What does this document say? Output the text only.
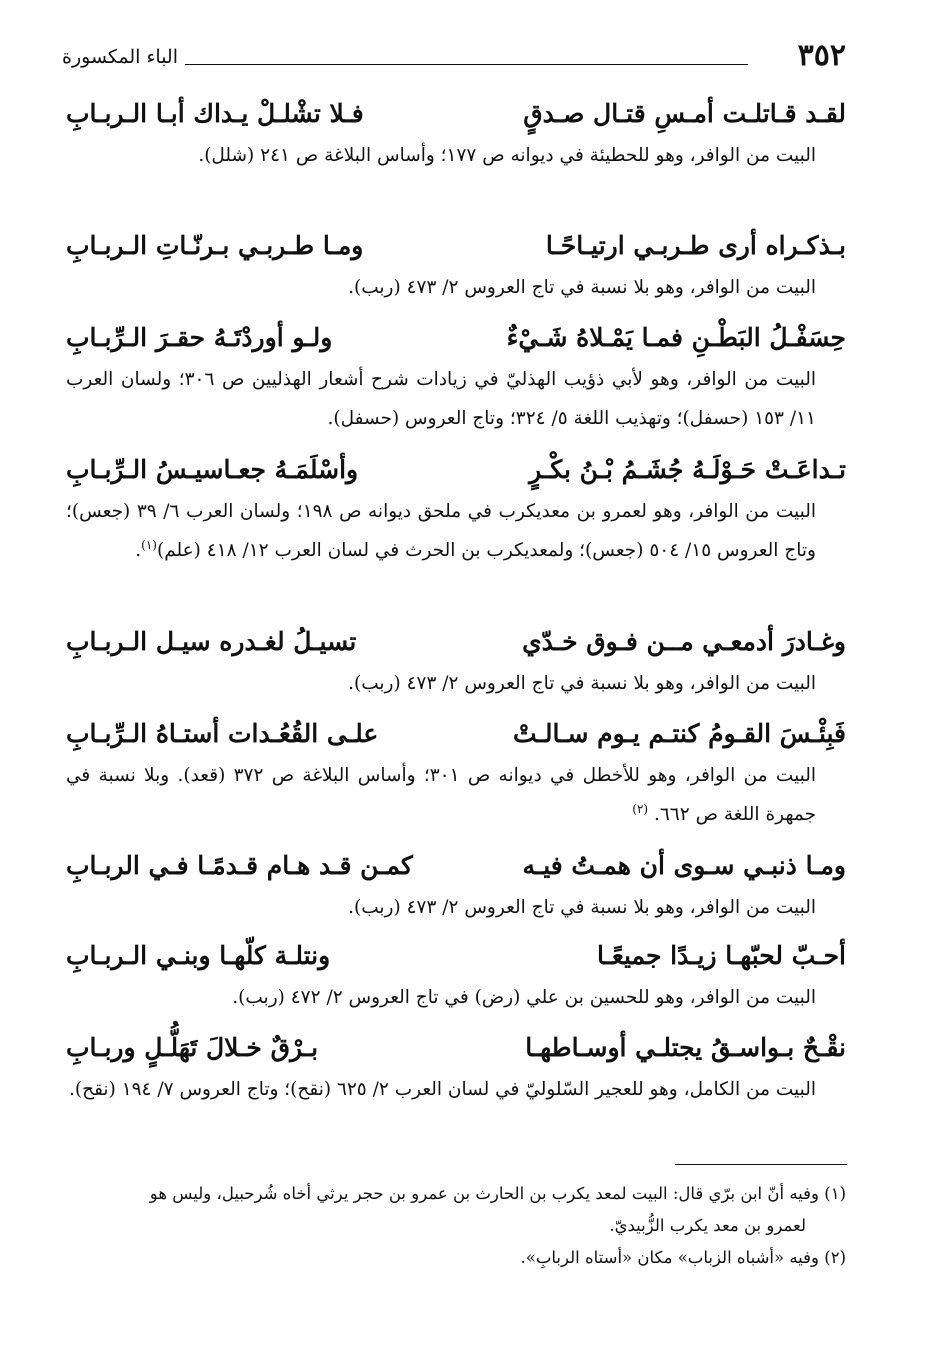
٣٥٢
الباء المكسورة
لقـد قـاتلـت أمـسِ قتـال صـدقٍ
فـلا تشْلـلْ يـداك أبـا الـربـابِ
البيت من الوافر، وهو للحطيئة في ديوانه ص ١٧٧؛ وأساس البلاغة ص ٢٤١ (شلل).
بـذكـراه أرى طـربـي ارتيـاحًـا
ومـا طـربـي بـرنّـاتِ الـربـابِ
البيت من الوافر، وهو بلا نسبة في تاج العروس ٢/ ٤٧٣ (ربب).
حِسَفْـلُ البَطْـنِ فمـا يَمْـلاهُ شَـيْءٌ
ولـو أوردْتَـهُ حقـرَ الـرِّبـابِ
البيت من الوافر، وهو لأبي ذؤيب الهذليّ في زيادات شرح أشعار الهذليين ص ٣٠٦؛ ولسان العرب ١١/ ١٥٣ (حسفل)؛ وتهذيب اللغة ٥/ ٣٢٤؛ وتاج العروس (حسفل).
تـداعَـتْ حَـوْلَـهُ جُشَـمُ بْـنُ بكْـرٍ
وأسْلَمَـهُ جعـاسيـسُ الـرِّبـابِ
البيت من الوافر، وهو لعمرو بن معديكرب في ملحق ديوانه ص ١٩٨؛ ولسان العرب ٦/ ٣٩ (جعس)؛ وتاج العروس ١٥/ ٥٠٤ (جعس)؛ ولمعديكرب بن الحرث في لسان العرب ١٢/ ٤١٨ (علم)$^{(١)}$.
وغـادرَ أدمعـي مــن فـوق خـدّي
تسيـلُ لغـدره سيـل الـربـابِ
البيت من الوافر، وهو بلا نسبة في تاج العروس ٢/ ٤٧٣ (ربب).
فَبِئْـسَ القـومُ كنتـم يـوم سـالـتْ
علـى القُعُـدات أستـاهُ الـرِّبـابِ
البيت من الوافر، وهو للأخطل في ديوانه ص ٣٠١؛ وأساس البلاغة ص ٣٧٢ (قعد). وبلا نسبة في جمهرة اللغة ص ٦٦٢. $^{(٢)}$
ومـا ذنبـي سـوى أن همـتُ فيـه
كمـن قـد هـام قـدمًـا فـي الربـابِ
البيت من الوافر، وهو بلا نسبة في تاج العروس ٢/ ٤٧٣ (ربب).
أحـبّ لحبّهـا زيـدًا جميعًـا
ونتلـة كلّهـا وبنـي الـربـابِ
البيت من الوافر، وهو للحسين بن علي (رض) في تاج العروس ٢/ ٤٧٢ (ربب).
نقْـحٌ بـواسـقُ يجتلـي أوسـاطهـا
بـرْقٌ خـلالَ تَهَلُّـلٍ وربـابِ
البيت من الكامل، وهو للعجير السّلوليّ في لسان العرب ٢/ ٦٢٥ (نقح)؛ وتاج العروس ٧/ ١٩٤ (نقح).
(١) وفيه أنّ ابن برّي قال: البيت لمعد يكرب بن الحارث بن عمرو بن حجر يرثي أخاه شُرحبيل، وليس هو
لعمرو بن معد يكرب الزُّبيديّ.
(٢) وفيه «أشباه الزباب» مكان «أستاه الربابِ».
